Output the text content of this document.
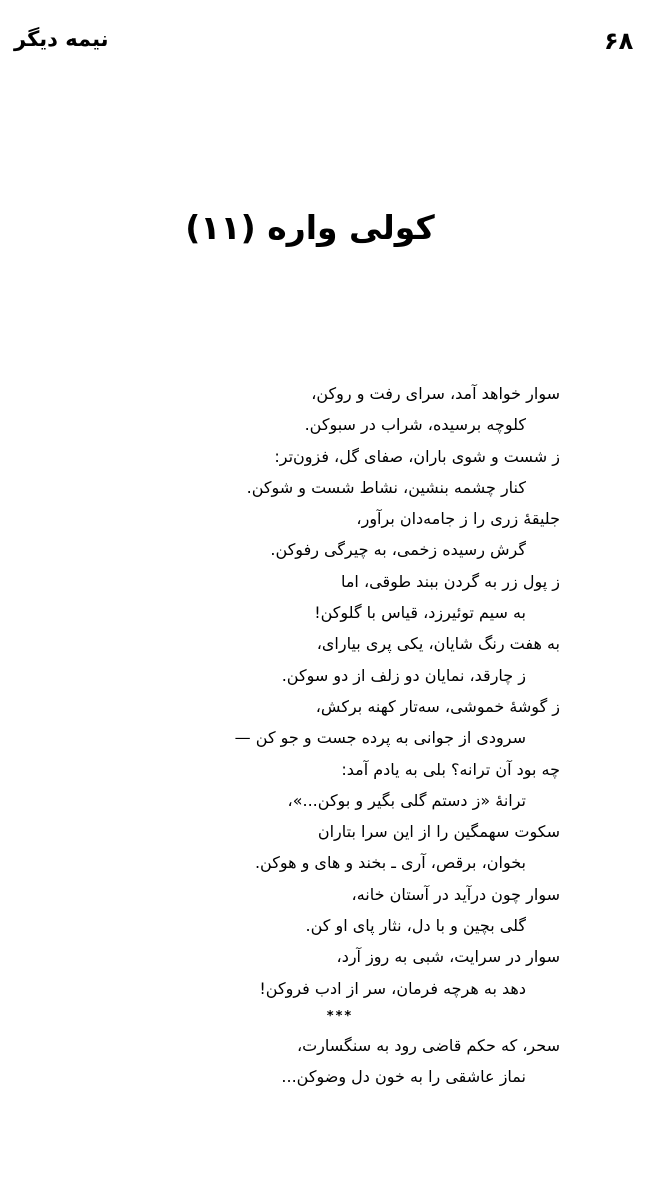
۶۸
نیمه دیگر
کولی واره (۱۱)
سوار خواهد آمد، سرای رفت و روکن،
کلوچه برسیده، شراب در سبوکن.
ز شست و شوی باران، صفای گل، فزون‌تر:
کنار چشمه بنشین، نشاط شست و شوکن.
جلیقهٔ زری را ز جامه‌دان برآور،
گرش رسیده زخمی، به چیرگی رفوکن.
ز پول زر به گردن ببند طوقی، اما
به سیم توئیرزد، قیاس با گلوکن!
به هفت رنگ شایان، یکی پری بیارای،
ز چارقد، نمایان دو زلف از دو سوکن.
ز گوشهٔ خموشی، سه‌تار کهنه برکش،
سرودی از جوانی به پرده جست و جو کن —
چه بود آن ترانه؟ بلی به یادم آمد:
ترانهٔ «ز دستم گلی بگیر و بوکن...»،
سکوت سهمگین را از این سرا بتاران
بخوان، برقص، آری ـ بخند و های و هوکن.
سوار چون درآید در آستان خانه،
گلی بچین و با دل، نثار پای او کن.
سوار در سرایت، شبی به روز آرد،
دهد به هرچه فرمان، سر از ادب فروکن!
***
سحر، که حکم قاضی رود به سنگسارت،
نماز عاشقی را به خون دل وضوکن...
